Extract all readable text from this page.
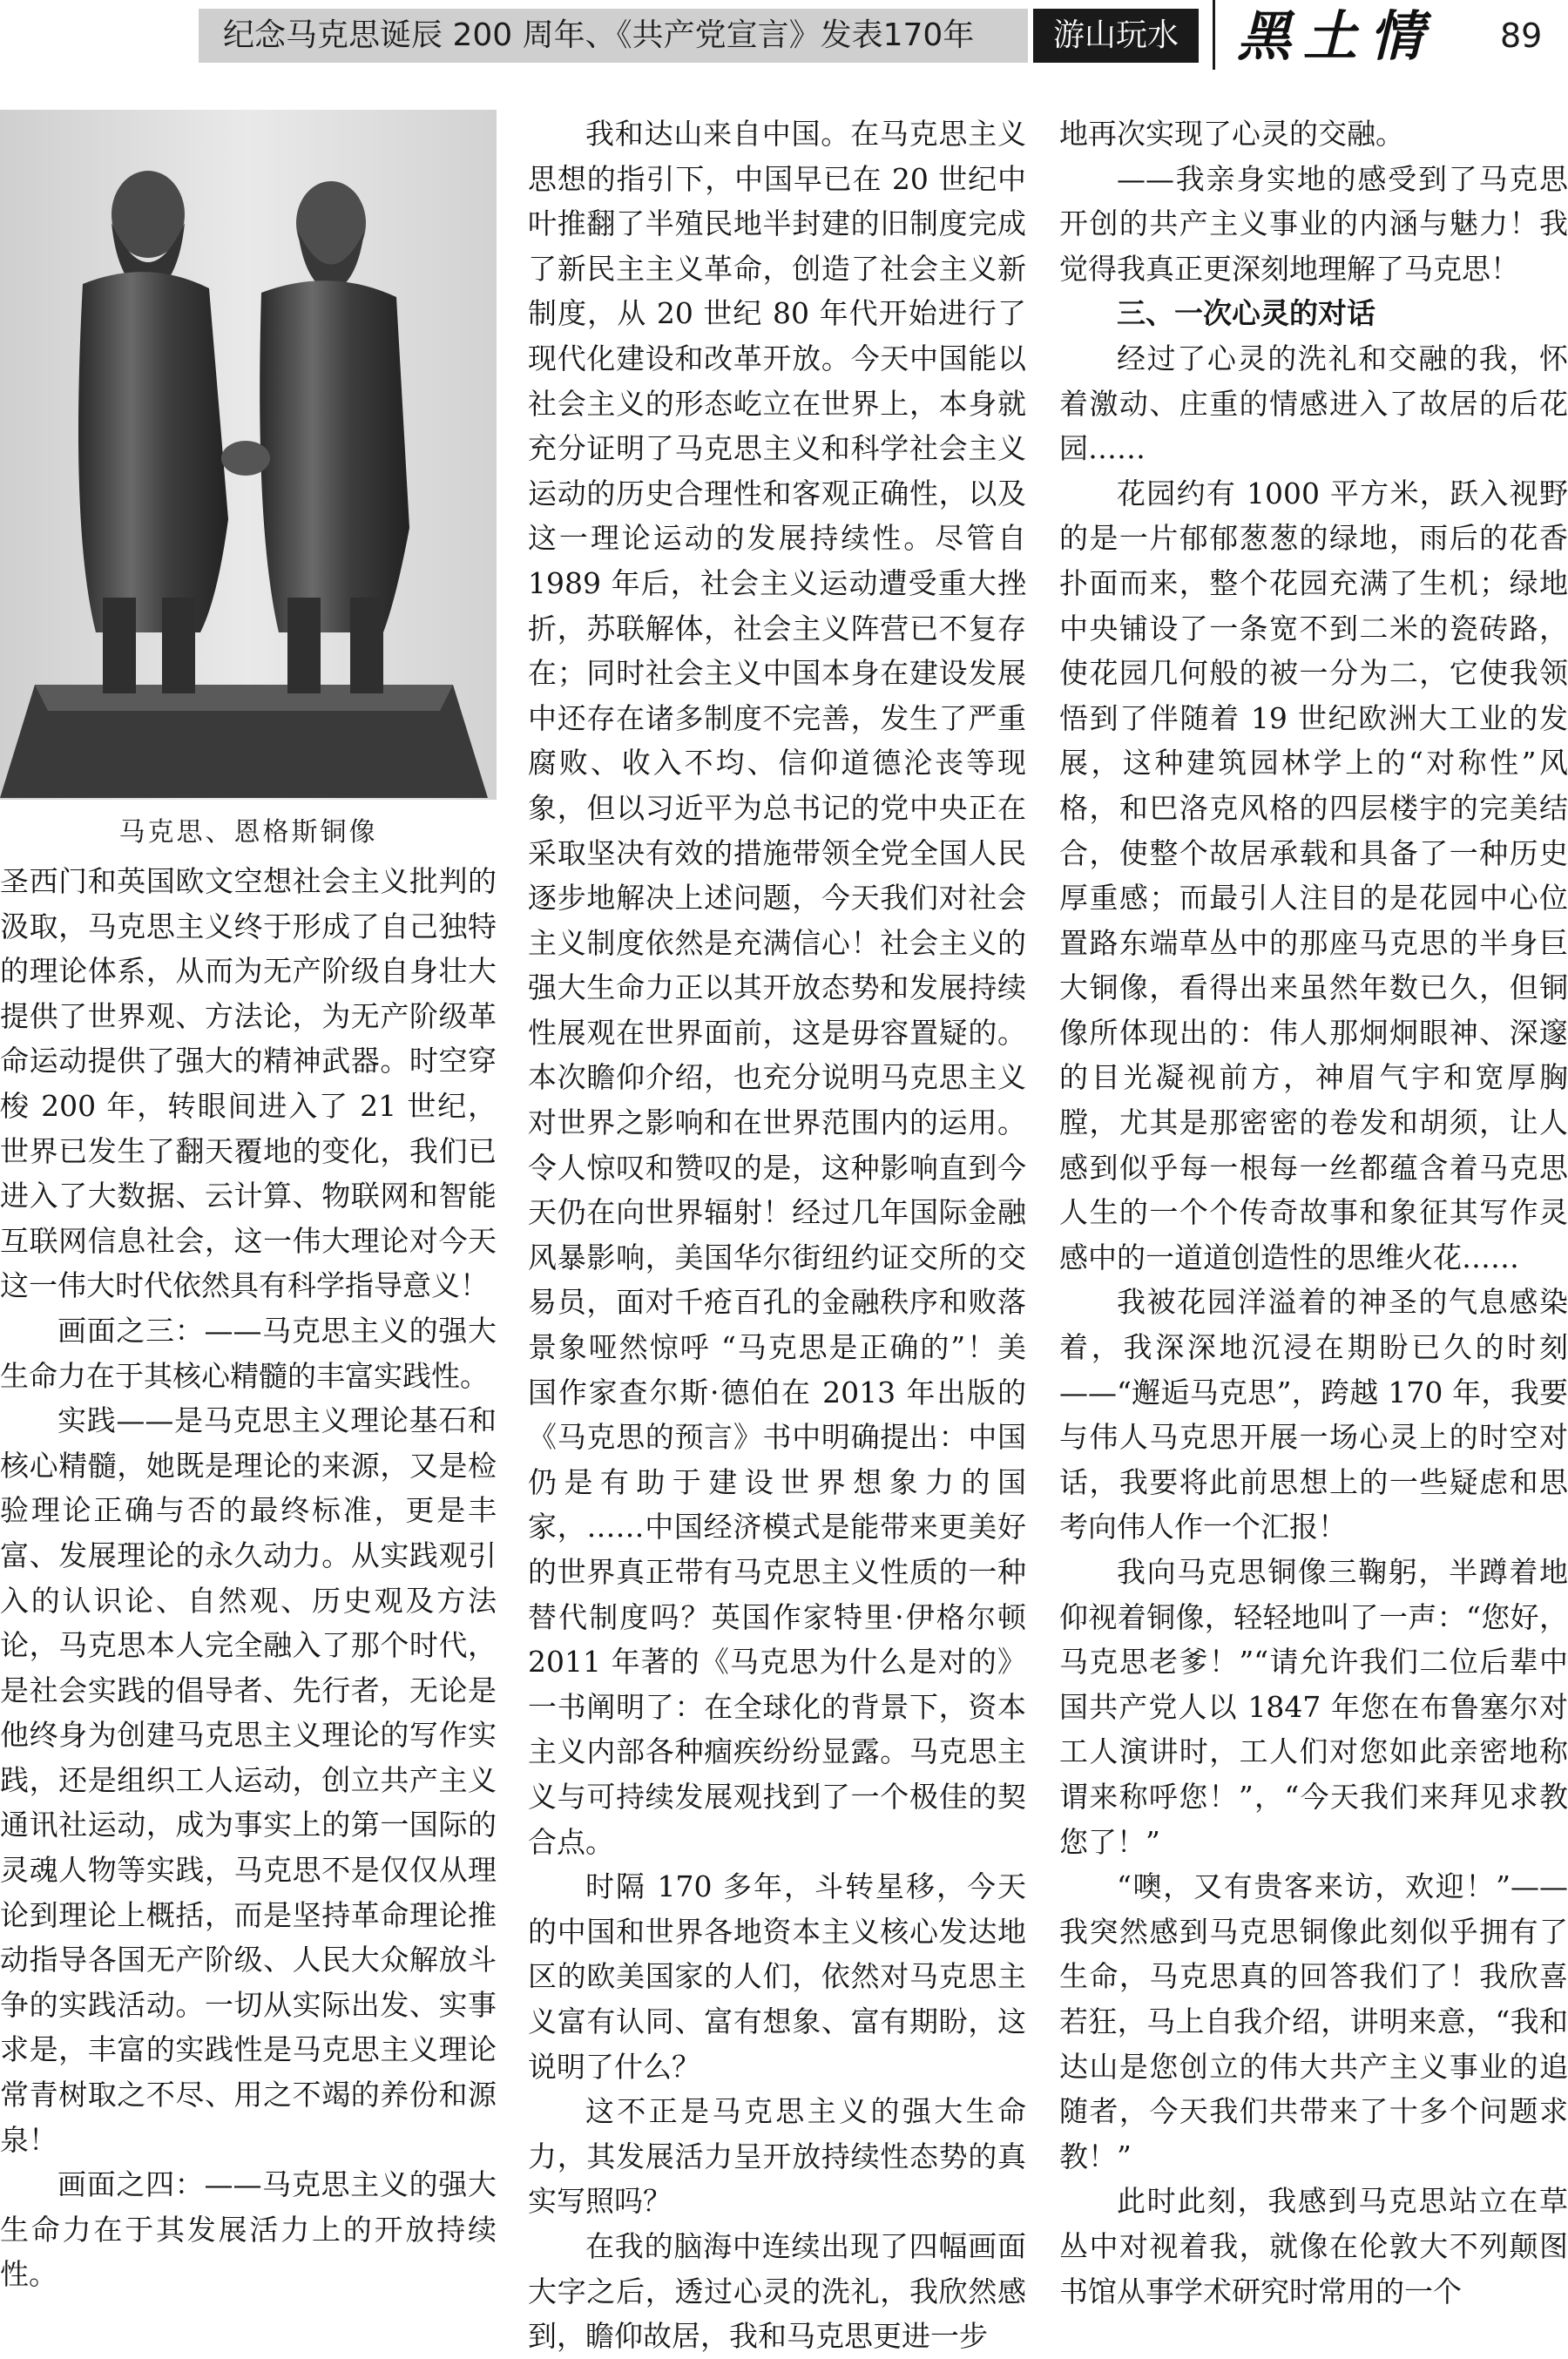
纪念马克思诞辰 200 周年、《共产党宣言》发表170年	游山玩水	黑土情	89
马克思、恩格斯铜像

圣西门和英国欧文空想社会主义批判的汲取，马克思主义终于形成了自己独特的理论体系，从而为无产阶级自身壮大提供了世界观、方法论，为无产阶级革命运动提供了强大的精神武器。时空穿梭 200 年，转眼间进入了 21 世纪，世界已发生了翻天覆地的变化，我们已进入了大数据、云计算、物联网和智能互联网信息社会，这一伟大理论对今天这一伟大时代依然具有科学指导意义！

画面之三：——马克思主义的强大生命力在于其核心精髓的丰富实践性。

实践——是马克思主义理论基石和核心精髓，她既是理论的来源，又是检验理论正确与否的最终标准，更是丰富、发展理论的永久动力。从实践观引入的认识论、自然观、历史观及方法论，马克思本人完全融入了那个时代，是社会实践的倡导者、先行者，无论是他终身为创建马克思主义理论的写作实践，还是组织工人运动，创立共产主义通讯社运动，成为事实上的第一国际的灵魂人物等实践，马克思不是仅仅从理论到理论上概括，而是坚持革命理论推动指导各国无产阶级、人民大众解放斗争的实践活动。一切从实际出发、实事求是，丰富的实践性是马克思主义理论常青树取之不尽、用之不竭的养份和源泉！

画面之四：——马克思主义的强大生命力在于其发展活力上的开放持续性。

我和达山来自中国。在马克思主义思想的指引下，中国早已在 20 世纪中叶推翻了半殖民地半封建的旧制度完成了新民主主义革命，创造了社会主义新制度，从 20 世纪 80 年代开始进行了现代化建设和改革开放。今天中国能以社会主义的形态屹立在世界上，本身就充分证明了马克思主义和科学社会主义运动的历史合理性和客观正确性，以及这一理论运动的发展持续性。尽管自 1989 年后，社会主义运动遭受重大挫折，苏联解体，社会主义阵营已不复存在；同时社会主义中国本身在建设发展中还存在诸多制度不完善，发生了严重腐败、收入不均、信仰道德沦丧等现象，但以习近平为总书记的党中央正在采取坚决有效的措施带领全党全国人民逐步地解决上述问题，今天我们对社会主义制度依然是充满信心！社会主义的强大生命力正以其开放态势和发展持续性展观在世界面前，这是毋容置疑的。本次瞻仰介绍，也充分说明马克思主义对世界之影响和在世界范围内的运用。令人惊叹和赞叹的是，这种影响直到今天仍在向世界辐射！经过几年国际金融风暴影响，美国华尔街纽约证交所的交易员，面对千疮百孔的金融秩序和败落景象哑然惊呼 “马克思是正确的”！美国作家查尔斯·德伯在 2013 年出版的《马克思的预言》书中明确提出：中国仍是有助于建设世界想象力的国家，……中国经济模式是能带来更美好的世界真正带有马克思主义性质的一种替代制度吗？英国作家特里·伊格尔顿 2011 年著的《马克思为什么是对的》一书阐明了：在全球化的背景下，资本主义内部各种痼疾纷纷显露。马克思主义与可持续发展观找到了一个极佳的契合点。

时隔 170 多年，斗转星移，今天的中国和世界各地资本主义核心发达地区的欧美国家的人们，依然对马克思主义富有认同、富有想象、富有期盼，这说明了什么？

这不正是马克思主义的强大生命力，其发展活力呈开放持续性态势的真实写照吗？

在我的脑海中连续出现了四幅画面大字之后，透过心灵的洗礼，我欣然感到，瞻仰故居，我和马克思更进一步

地再次实现了心灵的交融。

——我亲身实地的感受到了马克思开创的共产主义事业的内涵与魅力！我觉得我真正更深刻地理解了马克思！

三、一次心灵的对话

经过了心灵的洗礼和交融的我，怀着激动、庄重的情感进入了故居的后花园……

花园约有 1000 平方米，跃入视野的是一片郁郁葱葱的绿地，雨后的花香扑面而来，整个花园充满了生机；绿地中央铺设了一条宽不到二米的瓷砖路，使花园几何般的被一分为二，它使我领悟到了伴随着 19 世纪欧洲大工业的发展，这种建筑园林学上的“对称性”风格，和巴洛克风格的四层楼宇的完美结合，使整个故居承载和具备了一种历史厚重感；而最引人注目的是花园中心位置路东端草丛中的那座马克思的半身巨大铜像，看得出来虽然年数已久，但铜像所体现出的：伟人那炯炯眼神、深邃的目光凝视前方，神眉气宇和宽厚胸膛，尤其是那密密的卷发和胡须，让人感到似乎每一根每一丝都蕴含着马克思人生的一个个传奇故事和象征其写作灵感中的一道道创造性的思维火花……

我被花园洋溢着的神圣的气息感染着，我深深地沉浸在期盼已久的时刻——“邂逅马克思”，跨越 170 年，我要与伟人马克思开展一场心灵上的时空对话，我要将此前思想上的一些疑虑和思考向伟人作一个汇报！

我向马克思铜像三鞠躬，半蹲着地仰视着铜像，轻轻地叫了一声：“您好，马克思老爹！”“请允许我们二位后辈中国共产党人以 1847 年您在布鲁塞尔对工人演讲时，工人们对您如此亲密地称谓来称呼您！”，“今天我们来拜见求教您了！”

“噢，又有贵客来访，欢迎！”——我突然感到马克思铜像此刻似乎拥有了生命，马克思真的回答我们了！我欣喜若狂，马上自我介绍，讲明来意，“我和达山是您创立的伟大共产主义事业的追随者，今天我们共带来了十多个问题求教！”

此时此刻，我感到马克思站立在草丛中对视着我，就像在伦敦大不列颠图书馆从事学术研究时常用的一个
